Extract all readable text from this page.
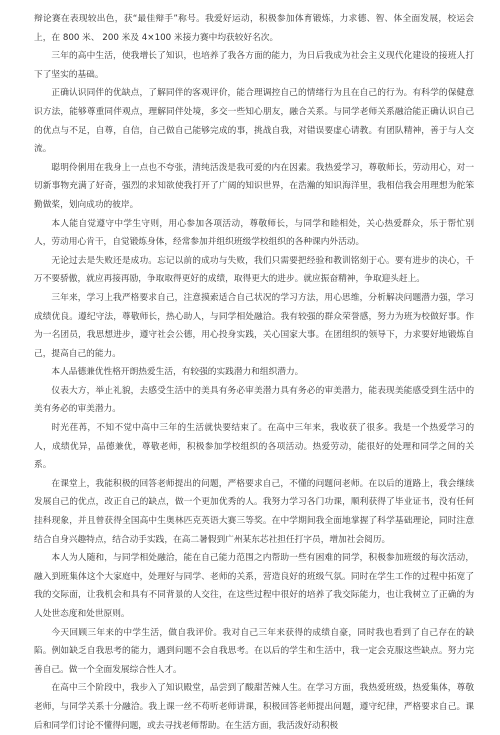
辩论赛在表现较出色，获“最佳辩手”称号。我爱好运动，积极参加体育锻炼，力求德、智、体全面发展，校运会上，在 800 米、 200 米及 4×100 米接力赛中均获较好名次。

三年的高中生活，使我增长了知识，也培养了我各方面的能力，为日后我成为社会主义现代化建设的接班人打下了坚实的基础。

正确认识同伴的优缺点，了解同伴的客观评价，能合理调控自己的情绪行为且在自己的行为。有科学的保健意识方法，能够尊重同伴观点，理解同伴处境，多交一些知心朋友，融合关系。与同学老师关系融洽能正确认识自己的优点与不足，自尊，自信，自己做自己能够完成的事，挑战自我，对错误要虚心请教。有团队精神，善于与人交流。

聪明伶俐用在我身上一点也不夸张，清纯活泼是我可爱的内在因素。我热爱学习，尊敬师长，劳动用心，对一切新事物充满了好奇，强烈的求知欲使我打开了广阔的知识世界，在浩瀚的知识海洋里，我相信我会用理想为舵笨勤做桨，划向成功的彼岸。

本人能自觉遵守中学生守则，用心参加各项活动，尊敬师长，与同学和睦相处，关心热爱群众，乐于帮忙别人，劳动用心肯干，自觉锻炼身体，经常参加并组织班级学校组织的各种课内外活动。

无论过去是失败还是成功。忘记以前的成功与失败，我们只需要把经验和教训铭刻于心。要有进步的决心，千万不要骄傲，就应再接再励，争取取得更好的成绩，取得更大的进步。就应振奋精神，争取迎头赶上。

三年来，学习上我严格要求自己，注意摸索适合自己状况的学习方法，用心思维，分析解决问题潜力强，学习成绩优良。遵纪守法，尊敬师长，热心助人，与同学相处融洽。我有较强的群众荣誉感，努力为班为校做好事。作为一名团员，我思想进步，遵守社会公德，用心投身实践，关心国家大事。在团组织的领导下，力求要好地锻炼自己，提高自己的能力。

本人品德兼优性格开朗热爱生活，有较强的实践潜力和组织潜力。

仪表大方，举止礼貌，去感受生活中的美具有务必审美潜力具有务必的审美潜力，能表现美能感受到生活中的美有务必的审美潜力。

时光荏苒，不知不觉中高中三年的生活就快要结束了。在高中三年来，我收获了很多。我是一个热爱学习的人，成绩优异，品德兼优，尊敬老师，积极参加学校组织的各项活动。热爱劳动，能很好的处理和同学之间的关系。

在课堂上，我能积极的回答老师提出的问题，严格要求自己，不懂的问题问老师。在以后的道路上，我会继续发展自己的优点，改正自己的缺点，做一个更加优秀的人。我努力学习各门功课，顺利获得了毕业证书，没有任何挂科现象，并且曾获得全国高中生奥林匹克英语大赛三等奖。在中学期间我全面地掌握了科学基础理论，同时注意结合自身兴趣特点，结合动手实践，在高二暑假到广州某东芯社担任打字员，增加社会阅历。

本人为人随和，与同学相处融洽，能在自己能力范围之内帮助一些有困难的同学，积极参加班级的每次活动，融入到班集体这个大家庭中，处理好与同学、老师的关系，营造良好的班级气氛。同时在学生工作的过程中拓宽了我的交际面，让我机会和具有不同背景的人交往，在这些过程中很好的培养了我交际能力，也让我树立了正确的为人处世态度和处世原则。

今天回顾三年来的中学生活，做自我评价。我对自己三年来获得的成绩自豪，同时我也看到了自己存在的缺陷。例如缺乏自我思考的能力，遇到问题不会自我思考。在以后的学生和生活中，我一定会克服这些缺点。努力完善自己。做一个全面发展综合性人才。

在高中三个阶段中，我步入了知识殿堂，品尝到了酸甜苦辣人生。在学习方面，我热爱班级，热爱集体，尊敬老师，与同学关系十分融洽。我上课一丝不苟听老师讲课，积极回答老师提出问题，遵守纪律，严格要求自己。课后和同学们讨论不懂得问题，或去寻找老师帮助。在生活方面，我活泼好动积极
